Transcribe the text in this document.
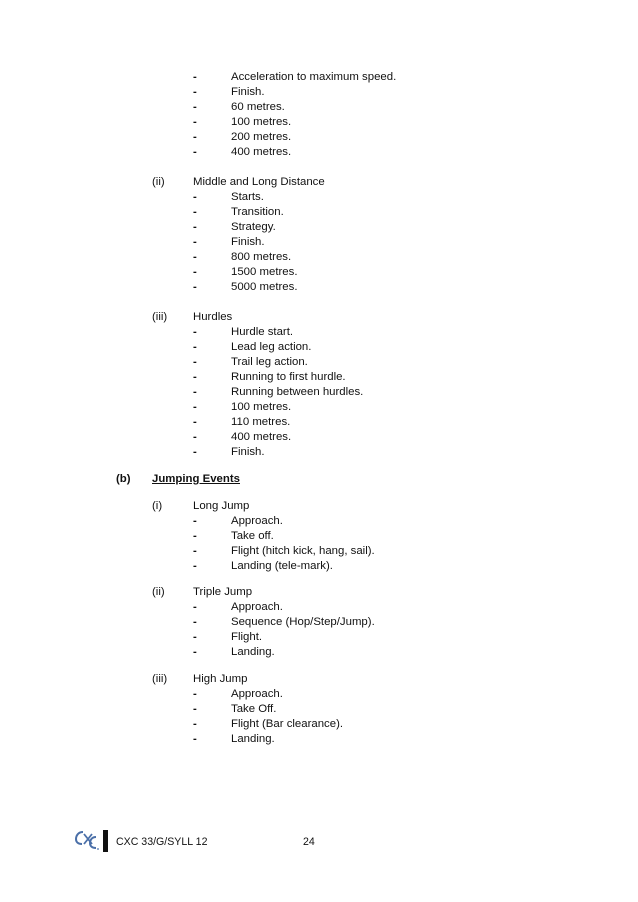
-	Acceleration to maximum speed.
-	Finish.
-	60 metres.
-	100 metres.
-	200 metres.
-	400 metres.
(ii) Middle and Long Distance
-	Starts.
-	Transition.
-	Strategy.
-	Finish.
-	800 metres.
-	1500 metres.
-	5000 metres.
(iii) Hurdles
-	Hurdle start.
-	Lead leg action.
-	Trail leg action.
-	Running to first hurdle.
-	Running between hurdles.
-	100 metres.
-	110 metres.
-	400 metres.
-	Finish.
(b) Jumping Events
(i)	Long Jump
-	Approach.
-	Take off.
-	Flight (hitch kick, hang, sail).
-	Landing (tele-mark).
(ii) Triple Jump
-	Approach.
-	Sequence (Hop/Step/Jump).
-	Flight.
-	Landing.
(iii) High Jump
-	Approach.
-	Take Off.
-	Flight (Bar clearance).
-	Landing.
CXC 33/G/SYLL 12	24
